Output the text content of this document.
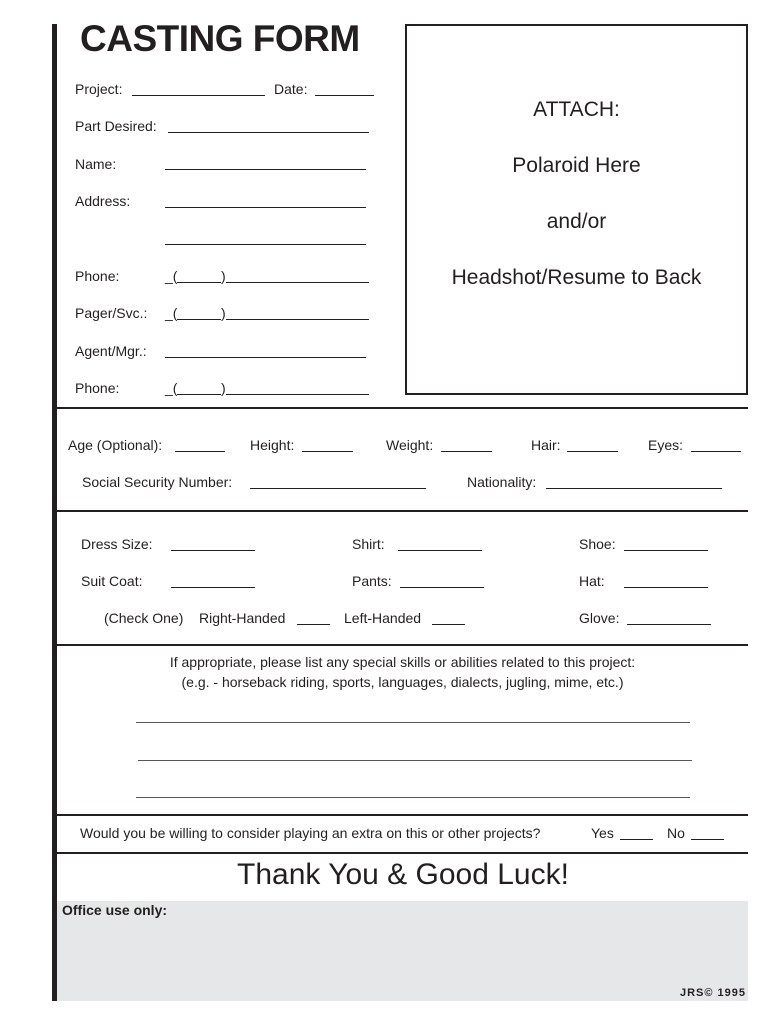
CASTING FORM
Project:	Date:
Part Desired:
Name:
Address:
Phone:	_(	)
Pager/Svc.: _(	)
Agent/Mgr.:
Phone:	_(	)
ATTACH:
Polaroid Here
and/or
Headshot/Resume to Back
Age (Optional):	Height:	Weight:	Hair:	Eyes:
Social Security Number:	Nationality:
Dress Size:	Shirt:	Shoe:
Suit Coat:	Pants:	Hat:
(Check One) Right-Handed	Left-Handed	Glove:
If appropriate, please list any special skills or abilities related to this project:
(e.g. - horseback riding, sports, languages, dialects, jugling, mime, etc.)
Would you be willing to consider playing an extra on this or other projects?	Yes	No
Thank You & Good Luck!
Office use only:
JRS© 1995
